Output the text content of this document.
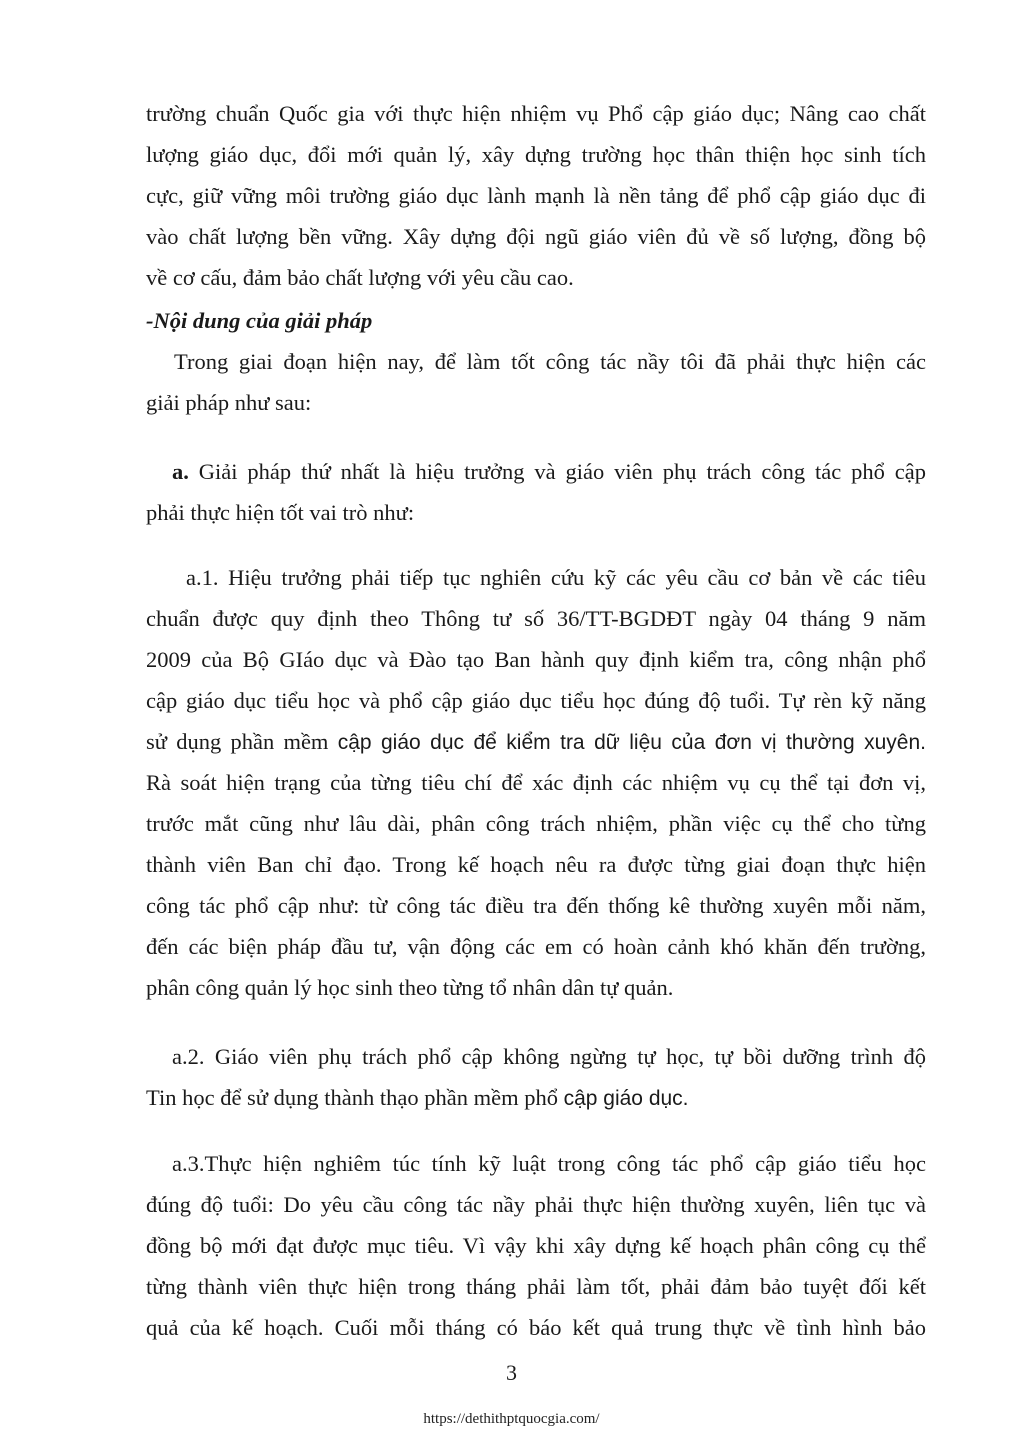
trường chuẩn Quốc gia với thực hiện nhiệm vụ Phổ cập giáo dục; Nâng cao chất
lượng giáo dục, đổi mới quản lý, xây dựng trường học thân thiện học sinh tích
cực, giữ vững môi trường giáo dục lành mạnh là nền tảng để phổ cập giáo dục đi
vào chất lượng bền vững. Xây dựng đội ngũ giáo viên đủ về số lượng, đồng bộ
về cơ cấu, đảm bảo chất lượng với yêu cầu cao.
-Nội dung của giải pháp
Trong giai đoạn hiện nay, để làm tốt công tác nầy tôi đã phải thực hiện các
giải pháp như sau:
a. Giải pháp thứ nhất là hiệu trưởng và giáo viên phụ trách công tác phổ cập
phải thực hiện tốt vai trò như:
a.1. Hiệu trưởng phải tiếp tục nghiên cứu kỹ các yêu cầu cơ bản về các tiêu
chuẩn được quy định theo Thông tư số 36/TT-BGDĐT ngày 04 tháng 9 năm
2009 của Bộ GIáo dục và Đào tạo Ban hành quy định kiểm tra, công nhận phổ
cập giáo dục tiểu học và phổ cập giáo dục tiểu học đúng độ tuổi. Tự rèn kỹ năng
sử dụng phần mềm cập giáo dục để kiểm tra dữ liệu của đơn vị thường xuyên.
Rà soát hiện trạng của từng tiêu chí để xác định các nhiệm vụ cụ thể tại đơn vị,
trước mắt cũng như lâu dài, phân công trách nhiệm, phần việc cụ thể cho từng
thành viên Ban chỉ đạo. Trong kế hoạch nêu ra được từng giai đoạn thực hiện
công tác phổ cập như: từ công tác điều tra đến thống kê thường xuyên mỗi năm,
đến các biện pháp đầu tư, vận động các em có hoàn cảnh khó khăn đến trường,
phân công quản lý học sinh theo từng tổ nhân dân tự quản.
a.2. Giáo viên phụ trách phổ cập không ngừng tự học, tự bồi dưỡng trình độ
Tin học để sử dụng thành thạo phần mềm phổ cập giáo dục.
a.3.Thực hiện nghiêm túc tính kỹ luật trong công tác phổ cập giáo tiểu học
đúng độ tuổi: Do yêu cầu công tác nầy phải thực hiện thường xuyên, liên tục và
đồng bộ mới đạt được mục tiêu. Vì vậy khi xây dựng kế hoạch phân công cụ thể
từng thành viên thực hiện trong tháng phải làm tốt, phải đảm bảo tuyệt đối kết
quả của kế hoạch. Cuối mỗi tháng có báo kết quả trung thực về tình hình bảo
3
https://dethithptquocgia.com/
